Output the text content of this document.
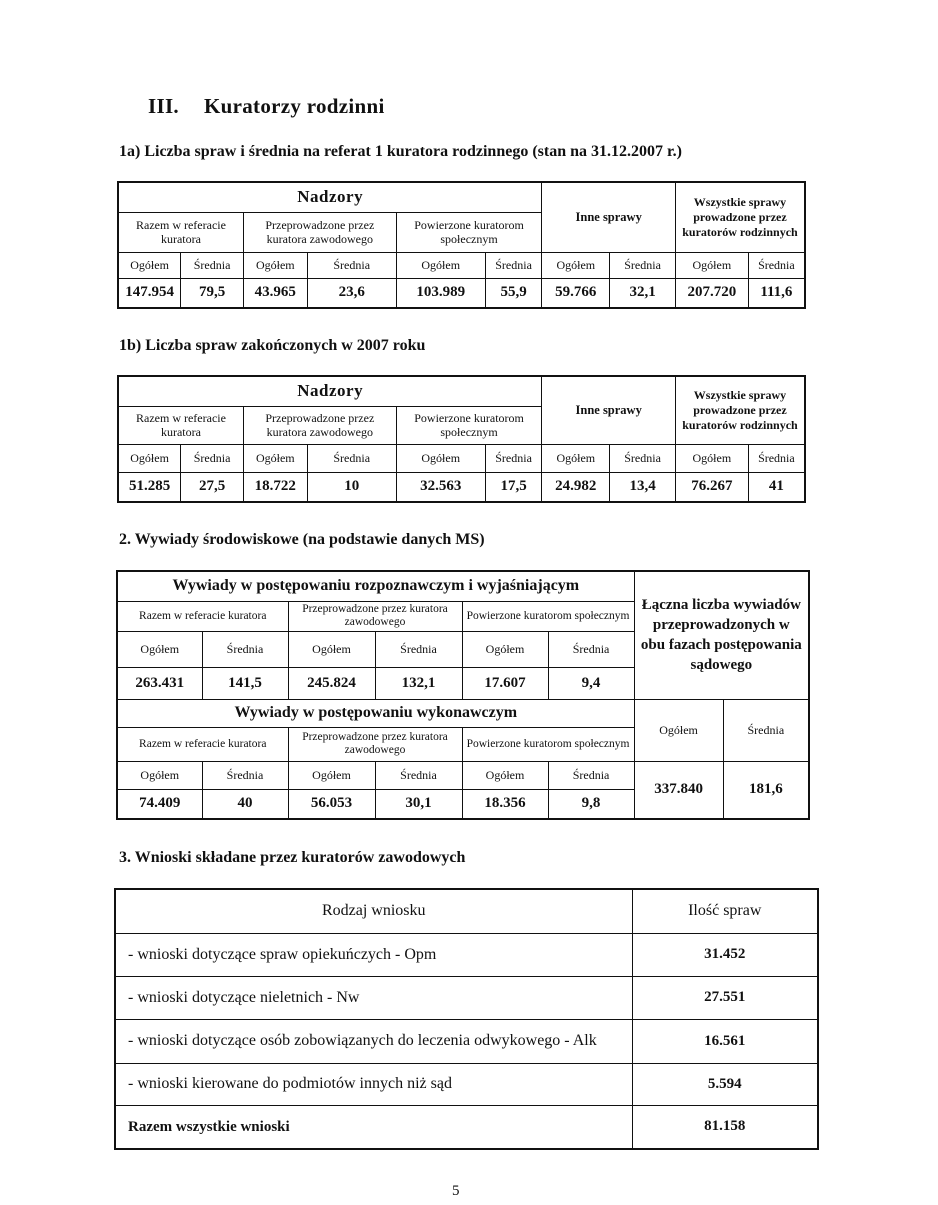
III. Kuratorzy rodzinni

1a) Liczba spraw i średnia na referat 1 kuratora rodzinnego (stan na 31.12.2007 r.)

Nadzory						Inne sprawy		Wszystkie sprawy prowadzone przez kuratorów rodzinnych	
Razem w referacie kuratora		Przeprowadzone przez kuratora zawodowego		Powierzone kuratorom społecznym					
Ogółem	Średnia	Ogółem	Średnia	Ogółem	Średnia	Ogółem	Średnia	Ogółem	Średnia
147.954	79,5	43.965	23,6	103.989	55,9	59.766	32,1	207.720	111,6

1b) Liczba spraw zakończonych w 2007 roku

Nadzory						Inne sprawy		Wszystkie sprawy prowadzone przez kuratorów rodzinnych	
Razem w referacie kuratora		Przeprowadzone przez kuratora zawodowego		Powierzone kuratorom społecznym					
Ogółem	Średnia	Ogółem	Średnia	Ogółem	Średnia	Ogółem	Średnia	Ogółem	Średnia
51.285	27,5	18.722	10	32.563	17,5	24.982	13,4	76.267	41

2. Wywiady środowiskowe (na podstawie danych MS)

Wywiady w postępowaniu rozpoznawczym i wyjaśniającym						Łączna liczba wywiadów przeprowadzonych w obu fazach postępowania sądowego	
Razem w referacie kuratora		Przeprowadzone przez kuratora zawodowego		Powierzone kuratorom społecznym			
Ogółem	Średnia	Ogółem	Średnia	Ogółem	Średnia		
263.431	141,5	245.824	132,1	17.607	9,4		
Wywiady w postępowaniu wykonawczym						Ogółem	Średnia
Razem w referacie kuratora		Przeprowadzone przez kuratora zawodowego		Powierzone kuratorom społecznym			
Ogółem	Średnia	Ogółem	Średnia	Ogółem	Średnia	337.840	181,6
74.409	40	56.053	30,1	18.356	9,8		

3. Wnioski składane przez kuratorów zawodowych

Rodzaj wniosku	Ilość spraw
- wnioski dotyczące spraw opiekuńczych - Opm	31.452
- wnioski dotyczące nieletnich - Nw	27.551
- wnioski dotyczące osób zobowiązanych do leczenia odwykowego - Alk	16.561
- wnioski kierowane do podmiotów innych niż sąd	5.594
Razem wszystkie wnioski	81.158
5
